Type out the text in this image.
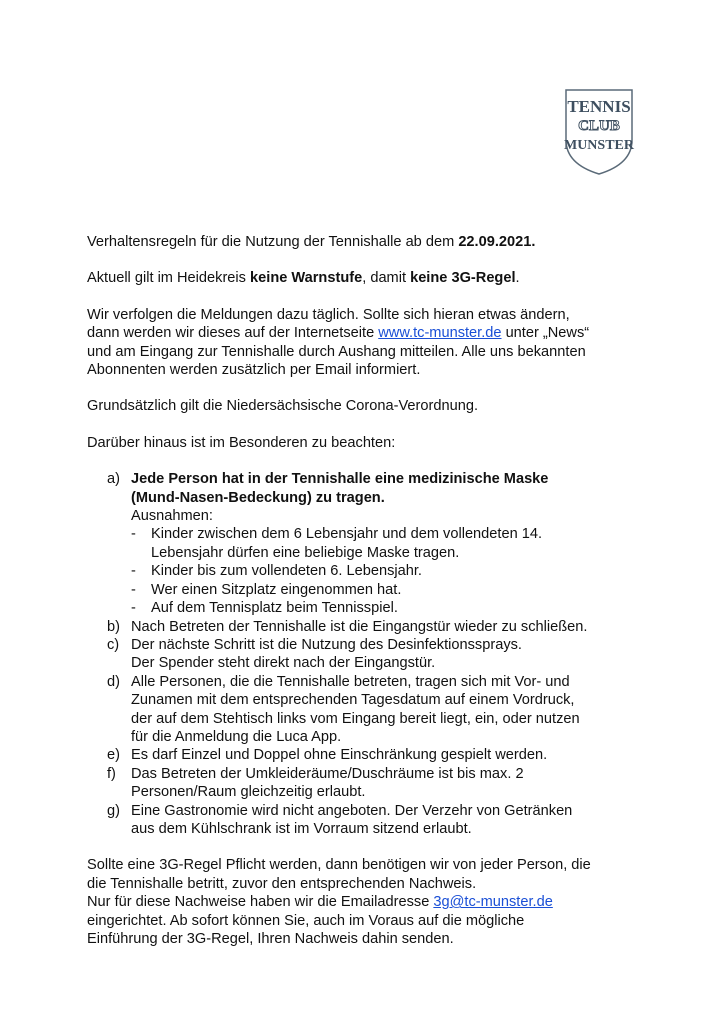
TENNIS
CLUB
MUNSTER

Verhaltensregeln für die Nutzung der Tennishalle ab dem 22.09.2021.

Aktuell gilt im Heidekreis keine Warnstufe, damit keine 3G-Regel.

Wir verfolgen die Meldungen dazu täglich. Sollte sich hieran etwas ändern,
dann werden wir dieses auf der Internetseite www.tc-munster.de unter „News“
und am Eingang zur Tennishalle durch Aushang mitteilen. Alle uns bekannten
Abonnenten werden zusätzlich per Email informiert.

Grundsätzlich gilt die Niedersächsische Corona-Verordnung.

Darüber hinaus ist im Besonderen zu beachten:

a) Jede Person hat in der Tennishalle eine medizinische Maske
(Mund-Nasen-Bedeckung) zu tragen.
Ausnahmen:
- Kinder zwischen dem 6 Lebensjahr und dem vollendeten 14.
Lebensjahr dürfen eine beliebige Maske tragen.
- Kinder bis zum vollendeten 6. Lebensjahr.
- Wer einen Sitzplatz eingenommen hat.
- Auf dem Tennisplatz beim Tennisspiel.
b) Nach Betreten der Tennishalle ist die Eingangstür wieder zu schließen.
c) Der nächste Schritt ist die Nutzung des Desinfektionssprays.
Der Spender steht direkt nach der Eingangstür.
d) Alle Personen, die die Tennishalle betreten, tragen sich mit Vor- und
Zunamen mit dem entsprechenden Tagesdatum auf einem Vordruck,
der auf dem Stehtisch links vom Eingang bereit liegt, ein, oder nutzen
für die Anmeldung die Luca App.
e) Es darf Einzel und Doppel ohne Einschränkung gespielt werden.
f) Das Betreten der Umkleideräume/Duschräume ist bis max. 2
Personen/Raum gleichzeitig erlaubt.
g) Eine Gastronomie wird nicht angeboten. Der Verzehr von Getränken
aus dem Kühlschrank ist im Vorraum sitzend erlaubt.

Sollte eine 3G-Regel Pflicht werden, dann benötigen wir von jeder Person, die
die Tennishalle betritt, zuvor den entsprechenden Nachweis.
Nur für diese Nachweise haben wir die Emailadresse 3g@tc-munster.de
eingerichtet. Ab sofort können Sie, auch im Voraus auf die mögliche
Einführung der 3G-Regel, Ihren Nachweis dahin senden.
